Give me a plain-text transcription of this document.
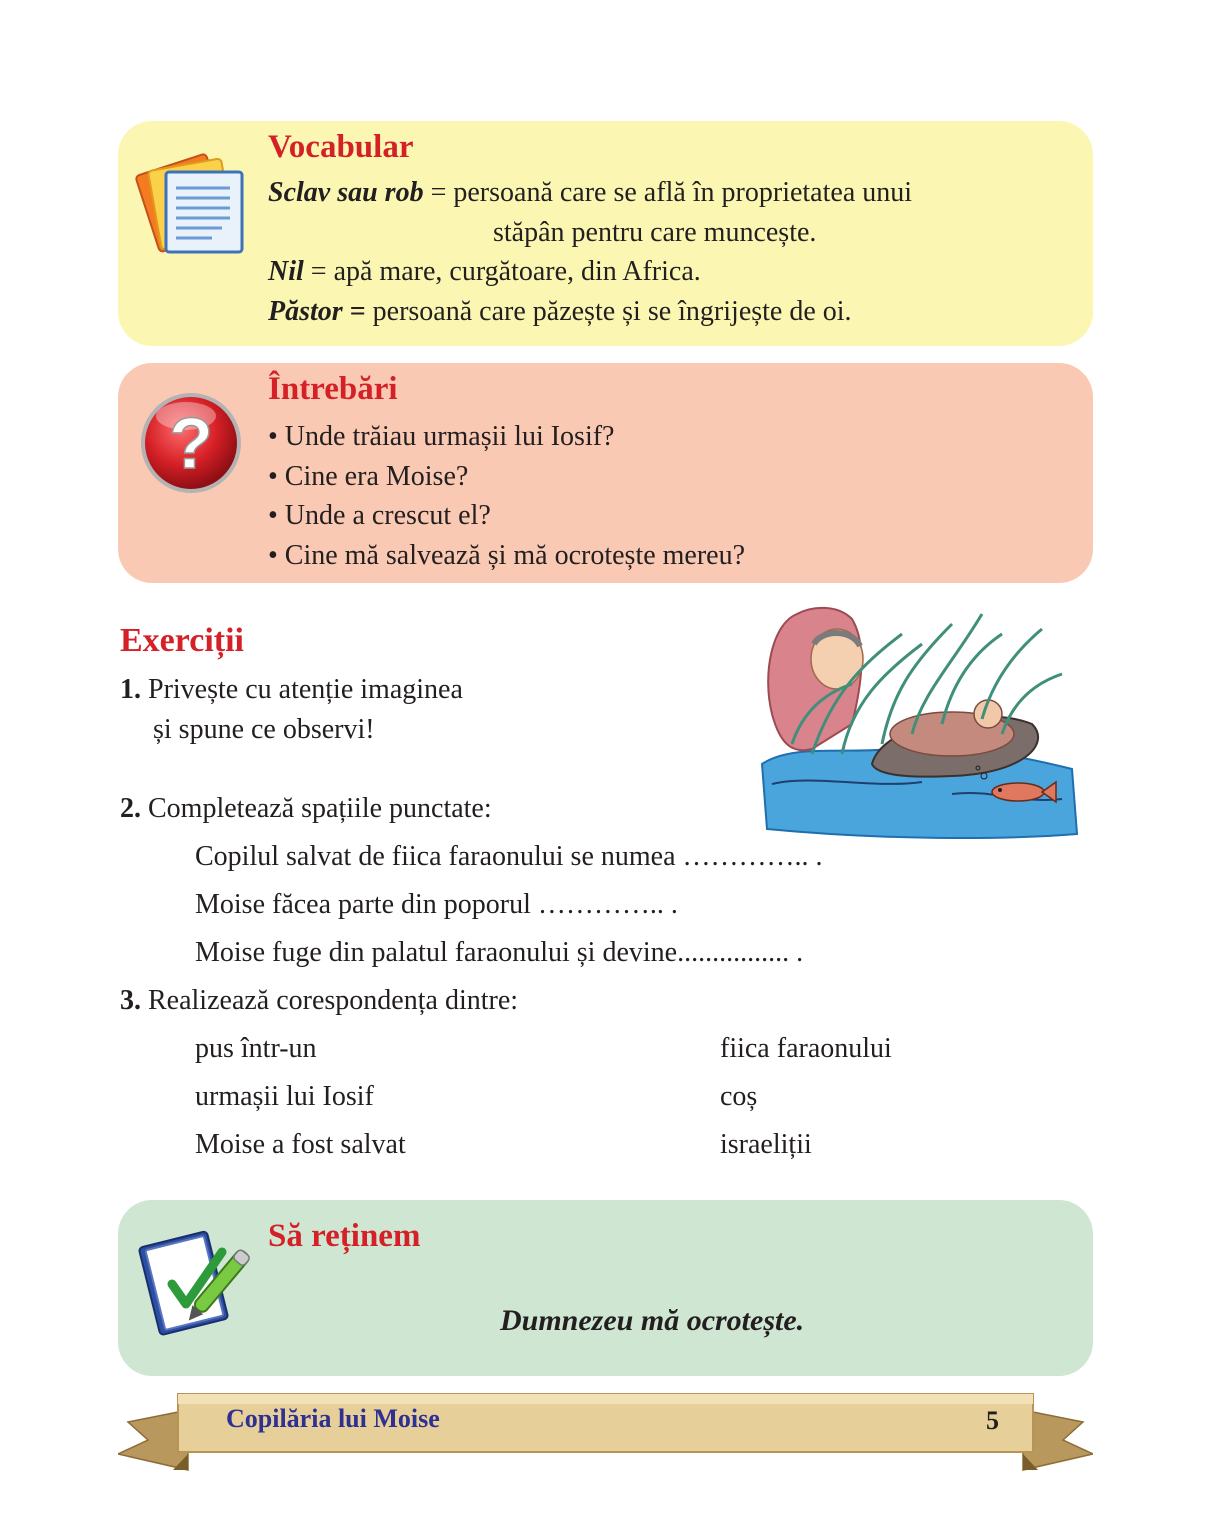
Vocabular
Sclav sau rob = persoană care se află în proprietatea unui
stăpân pentru care muncește.
Nil = apă mare, curgătoare, din Africa.
Păstor = persoană care păzește și se îngrijește de oi.
Întrebări
• Unde trăiau urmașii lui Iosif?
• Cine era Moise?
• Unde a crescut el?
• Cine mă salvează și mă ocrotește mereu?
?
Exerciții
1. Privește cu atenție imaginea
și spune ce observi!
2. Completează spațiile punctate:
Copilul salvat de fiica faraonului se numea ………….. .
Moise făcea parte din poporul ………….. .
Moise fuge din palatul faraonului și devine................ .
3. Realizează corespondența dintre:
pus într-un
urmașii lui Iosif
Moise a fost salvat
fiica faraonului
coș
israeliții
Să reținem
Dumnezeu mă ocrotește.
Copilăria lui Moise	5
